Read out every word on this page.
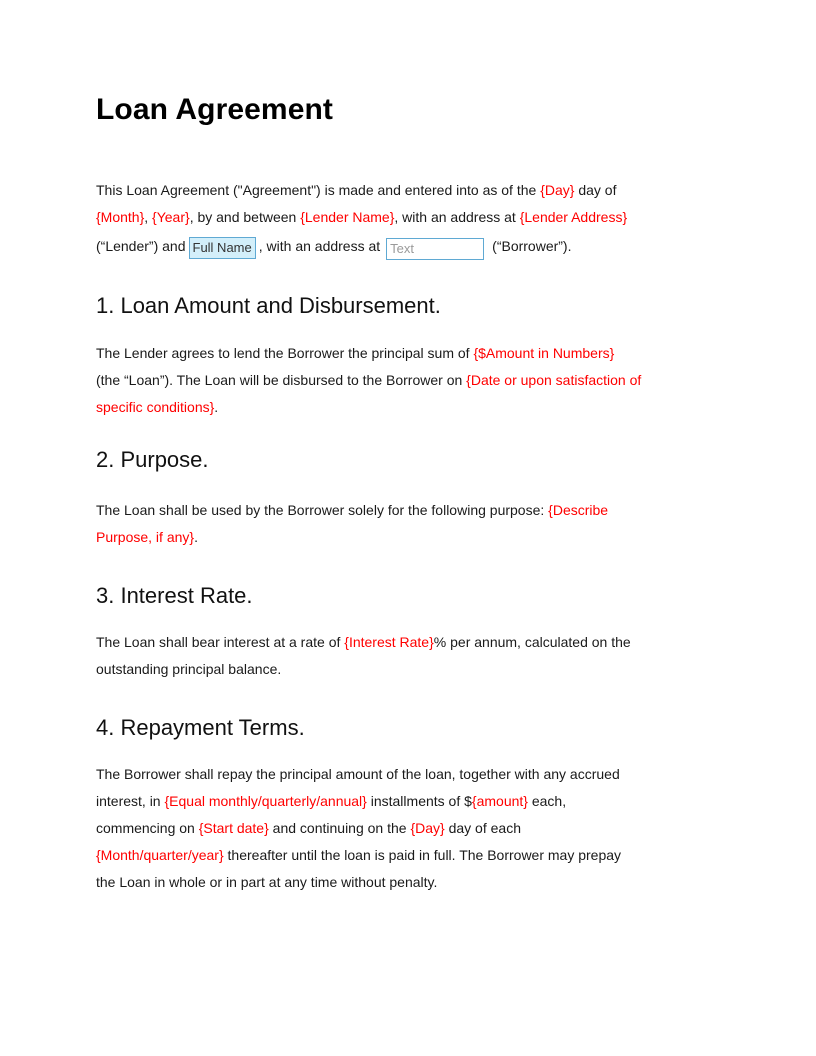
Loan Agreement
This Loan Agreement ("Agreement") is made and entered into as of the {Day} day of
{Month}, {Year}, by and between {Lender Name}, with an address at {Lender Address}
(“Lender”) and Full Name , with an address at Text	(“Borrower”).
1. Loan Amount and Disbursement.
The Lender agrees to lend the Borrower the principal sum of {$Amount in Numbers}
(the “Loan”). The Loan will be disbursed to the Borrower on {Date or upon satisfaction of
specific conditions}.
2. Purpose.
The Loan shall be used by the Borrower solely for the following purpose: {Describe
Purpose, if any}.
3. Interest Rate.
The Loan shall bear interest at a rate of {Interest Rate}% per annum, calculated on the
outstanding principal balance.
4. Repayment Terms.
The Borrower shall repay the principal amount of the loan, together with any accrued
interest, in {Equal monthly/quarterly/annual} installments of ${amount} each,
commencing on {Start date} and continuing on the {Day} day of each
{Month/quarter/year} thereafter until the loan is paid in full. The Borrower may prepay
the Loan in whole or in part at any time without penalty.
